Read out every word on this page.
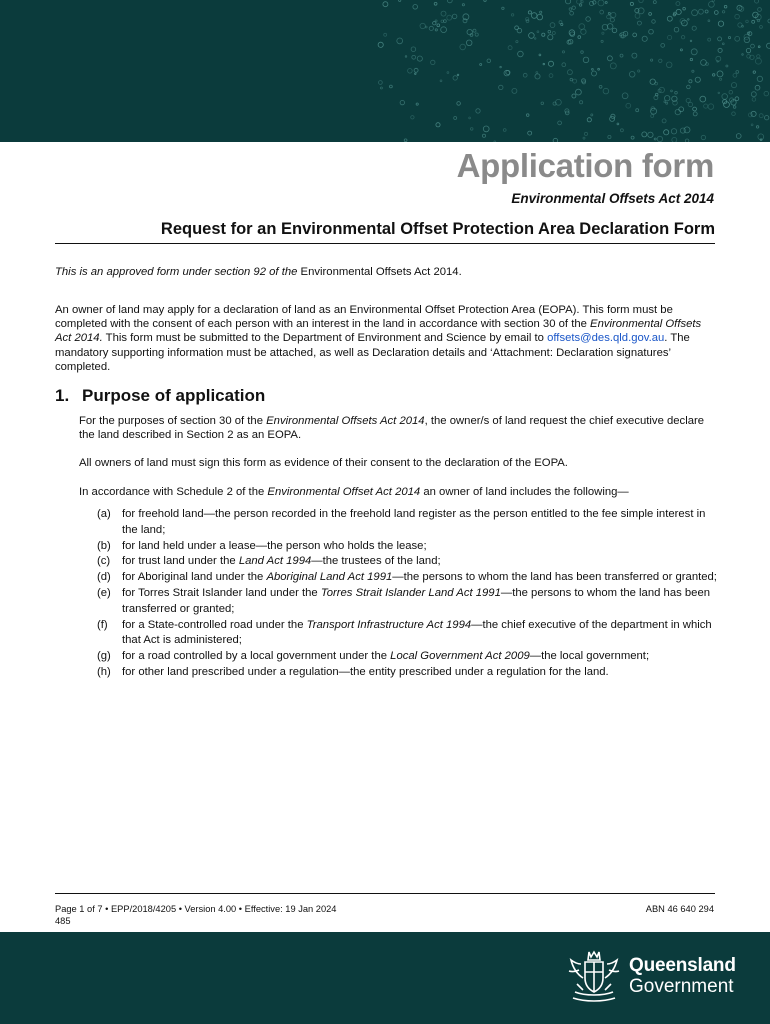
Application form
Environmental Offsets Act 2014
Request for an Environmental Offset Protection Area Declaration Form
This is an approved form under section 92 of the Environmental Offsets Act 2014.
An owner of land may apply for a declaration of land as an Environmental Offset Protection Area (EOPA). This form must be completed with the consent of each person with an interest in the land in accordance with section 30 of the Environmental Offsets Act 2014. This form must be submitted to the Department of Environment and Science by email to offsets@des.qld.gov.au. The mandatory supporting information must be attached, as well as Declaration details and ‘Attachment: Declaration signatures’ completed.
1. Purpose of application
For the purposes of section 30 of the Environmental Offsets Act 2014, the owner/s of land request the chief executive declare the land described in Section 2 as an EOPA.
All owners of land must sign this form as evidence of their consent to the declaration of the EOPA.
In accordance with Schedule 2 of the Environmental Offset Act 2014 an owner of land includes the following—
(a) for freehold land—the person recorded in the freehold land register as the person entitled to the fee simple interest in the land;
(b) for land held under a lease—the person who holds the lease;
(c)	for trust land under the Land Act 1994—the trustees of the land;
(d) for Aboriginal land under the Aboriginal Land Act 1991—the persons to whom the land has been transferred or granted;
(e) for Torres Strait Islander land under the Torres Strait Islander Land Act 1991—the persons to whom the land has been transferred or granted;
(f)	for a State-controlled road under the Transport Infrastructure Act 1994—the chief executive of the department in which that Act is administered;
(g) for a road controlled by a local government under the Local Government Act 2009—the local government;
(h) for other land prescribed under a regulation—the entity prescribed under a regulation for the land.
Page 1 of 7 • EPP/2018/4205 • Version 4.00 • Effective: 19 Jan 2024
485
ABN 46 640 294
Queensland
Government
